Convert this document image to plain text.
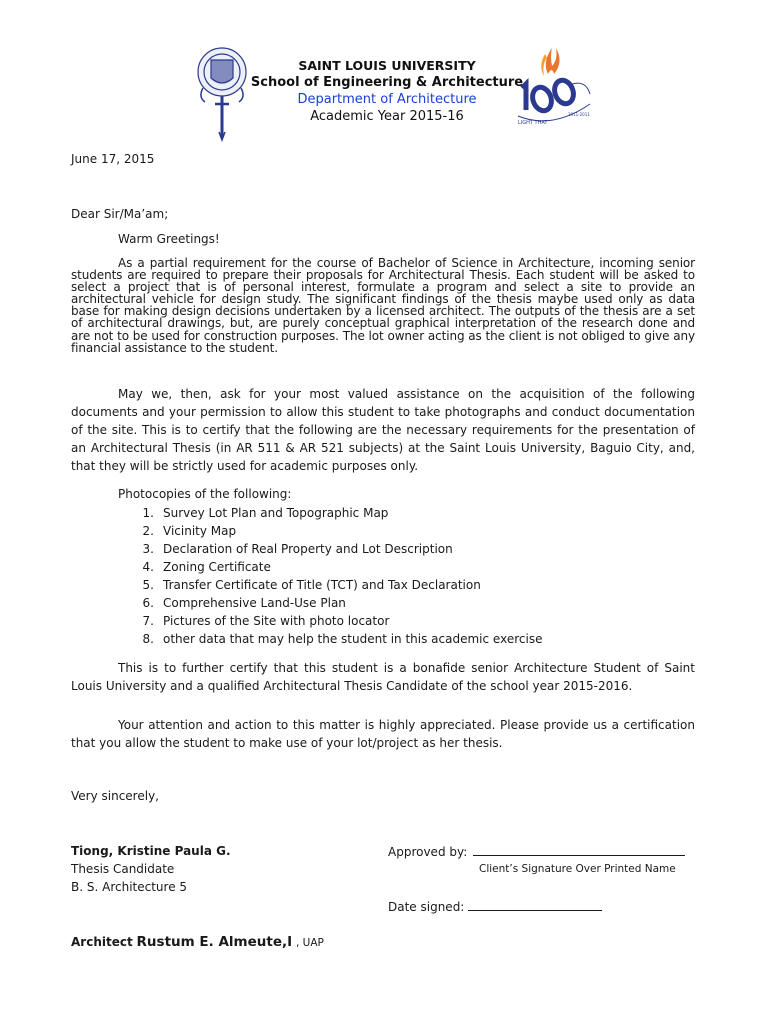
SAINT LOUIS UNIVERSITY
School of Engineering & Architecture
Department of Architecture
Academic Year 2015-16	LIGHT THAT
1911-2011
June 17, 2015
Dear Sir/Ma’am;
Warm Greetings!
As a partial requirement for the course of Bachelor of Science in Architecture, incoming senior students are required to prepare their proposals for Architectural Thesis. Each student will be asked to select a project that is of personal interest, formulate a program and select a site to provide an architectural vehicle for design study. The significant findings of the thesis maybe used only as data base for making design decisions undertaken by a licensed architect. The outputs of the thesis are a set of architectural drawings, but, are purely conceptual graphical interpretation of the research done and are not to be used for construction purposes. The lot owner acting as the client is not obliged to give any financial assistance to the student.
May we, then, ask for your most valued assistance on the acquisition of the following documents and your permission to allow this student to take photographs and conduct documentation of the site. This is to certify that the following are the necessary requirements for the presentation of an Architectural Thesis (in AR 511 & AR 521 subjects) at the Saint Louis University, Baguio City, and, that they will be strictly used for academic purposes only.
Photocopies of the following:
1. Survey Lot Plan and Topographic Map
2. Vicinity Map
3. Declaration of Real Property and Lot Description
4. Zoning Certificate
5. Transfer Certificate of Title (TCT) and Tax Declaration
6. Comprehensive Land-Use Plan
7. Pictures of the Site with photo locator
8. other data that may help the student in this academic exercise
This is to further certify that this student is a bonafide senior Architecture Student of Saint Louis University and a qualified Architectural Thesis Candidate of the school year 2015-2016.
Your attention and action to this matter is highly appreciated. Please provide us a certification that you allow the student to make use of your lot/project as her thesis.
Very sincerely,
Tiong, Kristine Paula G.
Thesis Candidate
B. S. Architecture 5
Approved by:
Client’s Signature Over Printed Name
Date signed:
Architect Rustum E. Almeute,I , UAP
